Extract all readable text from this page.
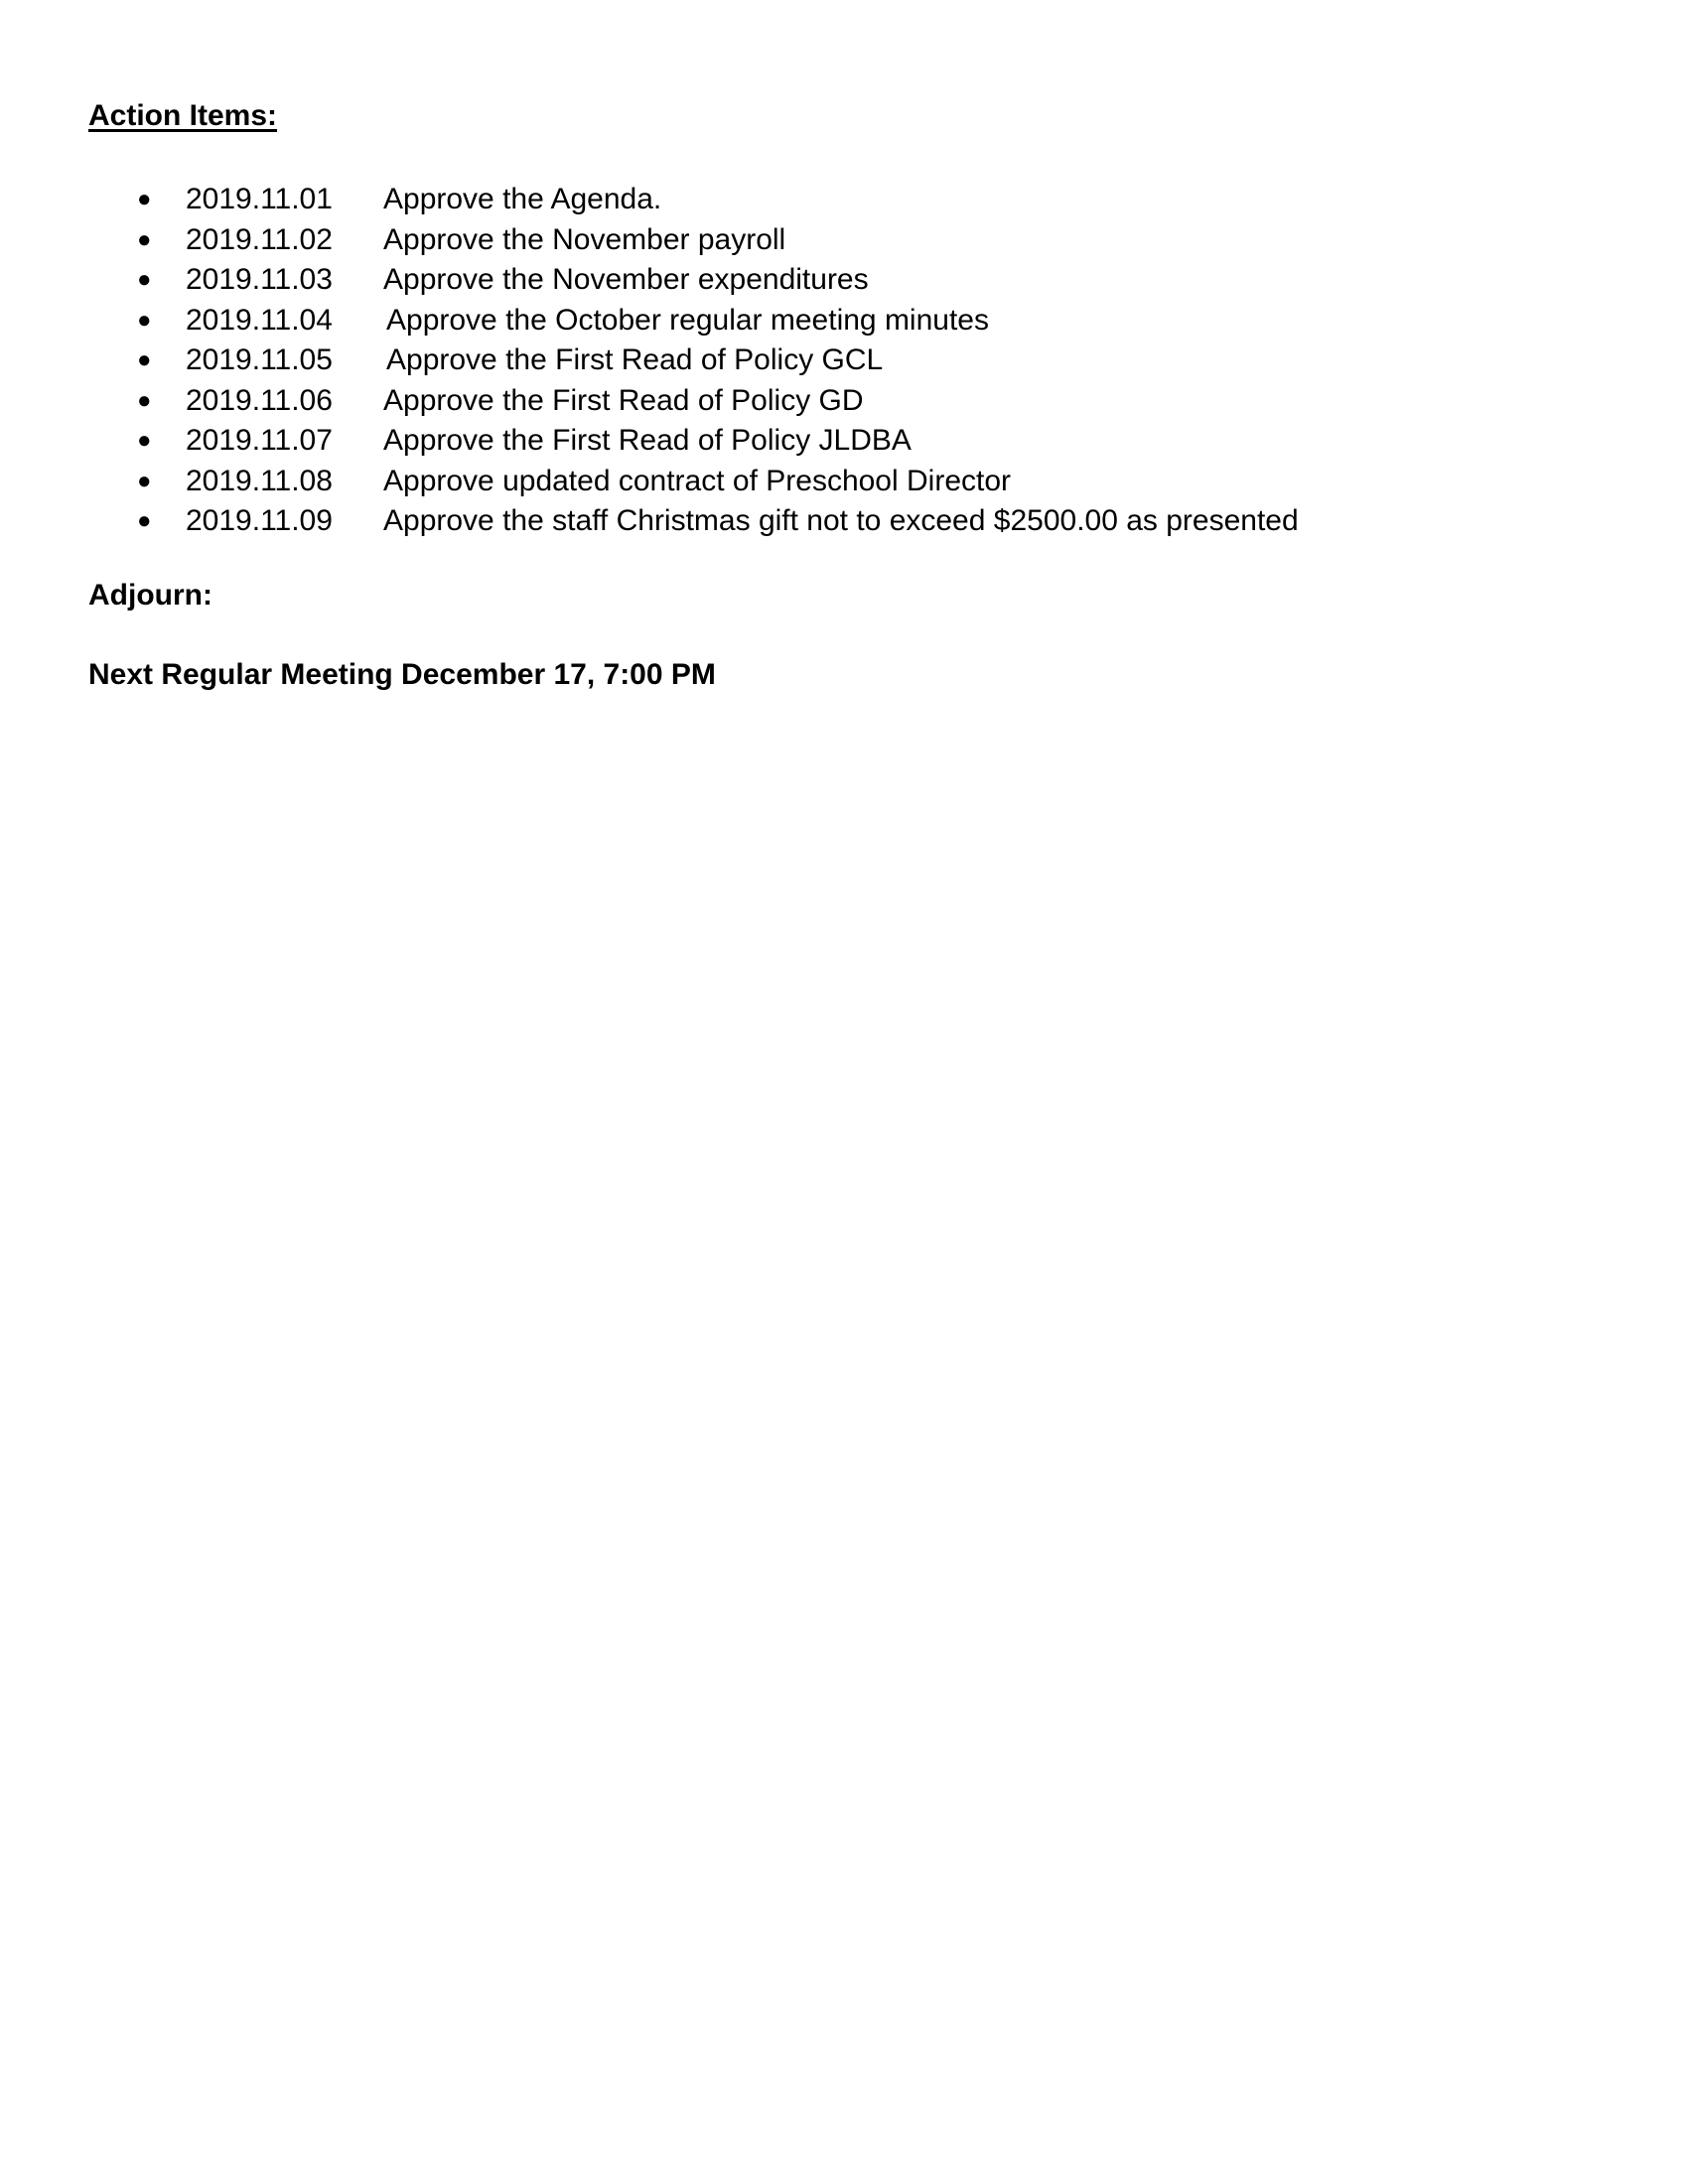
Action Items:
● 2019.11.01 Approve the Agenda.
● 2019.11.02 Approve the November payroll
● 2019.11.03 Approve the November expenditures
● 2019.11.04 Approve the October regular meeting minutes
● 2019.11.05 Approve the First Read of Policy GCL
● 2019.11.06 Approve the First Read of Policy GD
● 2019.11.07 Approve the First Read of Policy JLDBA
● 2019.11.08 Approve updated contract of Preschool Director
● 2019.11.09 Approve the staff Christmas gift not to exceed $2500.00 as presented
Adjourn:

Next Regular Meeting December 17, 7:00 PM
